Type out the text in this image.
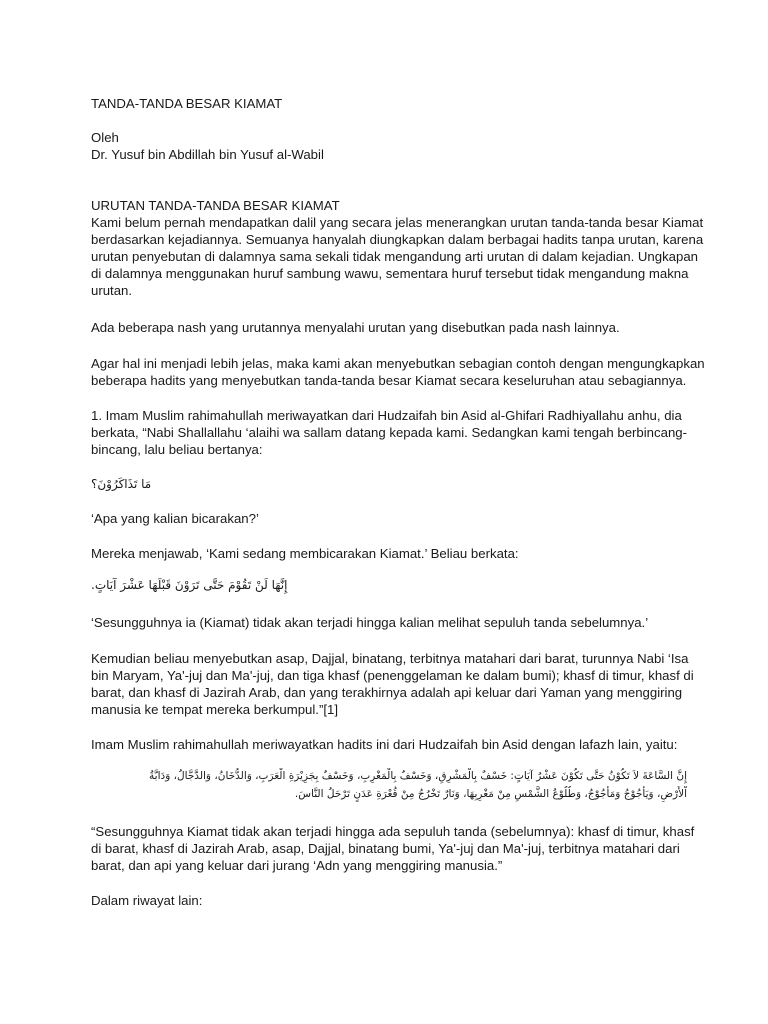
TANDA-TANDA BESAR KIAMAT

Oleh

Dr. Yusuf bin Abdillah bin Yusuf al-Wabil

URUTAN TANDA-TANDA BESAR KIAMAT

Kami belum pernah mendapatkan dalil yang secara jelas menerangkan urutan tanda-tanda besar Kiamat

berdasarkan kejadiannya. Semuanya hanyalah diungkapkan dalam berbagai hadits tanpa urutan, karena

urutan penyebutan di dalamnya sama sekali tidak mengandung arti urutan di dalam kejadian. Ungkapan

di dalamnya menggunakan huruf sambung wawu, sementara huruf tersebut tidak mengandung makna

urutan.

Ada beberapa nash yang urutannya menyalahi urutan yang disebutkan pada nash lainnya.

Agar hal ini menjadi lebih jelas, maka kami akan menyebutkan sebagian contoh dengan mengungkapkan

beberapa hadits yang menyebutkan tanda-tanda besar Kiamat secara keseluruhan atau sebagiannya.

1. Imam Muslim rahimahullah meriwayatkan dari Hudzaifah bin Asid al-Ghifari Radhiyallahu anhu, dia

berkata, “Nabi Shallallahu ‘alaihi wa sallam datang kepada kami. Sedangkan kami tengah berbincang-

bincang, lalu beliau bertanya:

مَا تَذَاكَرُوْنَ؟

‘Apa yang kalian bicarakan?’

Mereka menjawab, ‘Kami sedang membicarakan Kiamat.’ Beliau berkata:

إِنَّهَا لَنْ تَقُوْمَ حَتَّى تَرَوْنَ قَبْلَهَا عَشْرَ آيَاتٍ.

‘Sesungguhnya ia (Kiamat) tidak akan terjadi hingga kalian melihat sepuluh tanda sebelumnya.’

Kemudian beliau menyebutkan asap, Dajjal, binatang, terbitnya matahari dari barat, turunnya Nabi ‘Isa

bin Maryam, Ya'-juj dan Ma'-juj, dan tiga khasf (penenggelaman ke dalam bumi); khasf di timur, khasf di

barat, dan khasf di Jazirah Arab, dan yang terakhirnya adalah api keluar dari Yaman yang menggiring

manusia ke tempat mereka berkumpul.”[1]

Imam Muslim rahimahullah meriwayatkan hadits ini dari Hudzaifah bin Asid dengan lafazh lain, yaitu:

إِنَّ السَّاعَةَ لاَ تَكُوْنُ حَتَّى تَكُوْنَ عَشْرُ آيَاتٍ: خَسْفٌ بِالْمَشْرِقِ، وَخَسْفٌ بِالْمَغْرِبِ، وَخَسْفٌ بِجَزِيْرَةِ الْعَرَبِ، وَالدُّخَانُ، وَالدَّجَّالُ، وَدَابَّةُ

اْلأَرْضِ، وَيَأْجُوْجُ وَمَأْجُوْجُ، وَطُلُوْعُ الشَّمْسِ مِنْ مَغْرِبِهَا، وَنَارٌ تَخْرُجُ مِنْ قُعْرَةِ عَدَنٍ تَرْحَلُ النَّاسَ.

“Sesungguhnya Kiamat tidak akan terjadi hingga ada sepuluh tanda (sebelumnya): khasf di timur, khasf

di barat, khasf di Jazirah Arab, asap, Dajjal, binatang bumi, Ya'-juj dan Ma'-juj, terbitnya matahari dari

barat, dan api yang keluar dari jurang ‘Adn yang menggiring manusia.”

Dalam riwayat lain:
